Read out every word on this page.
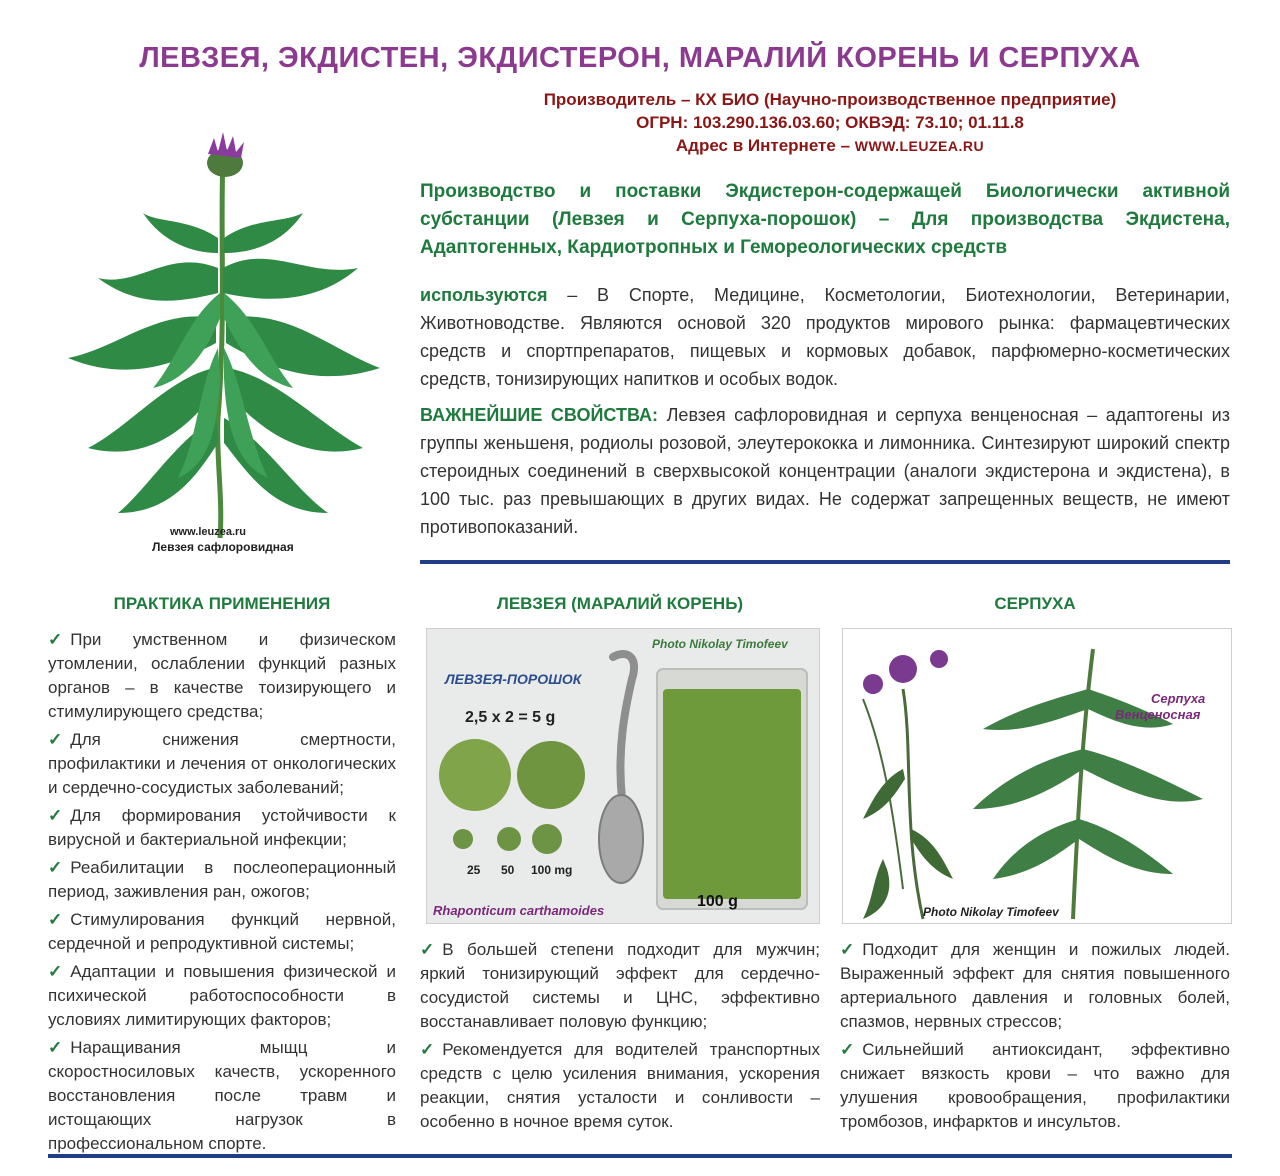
ЛЕВЗЕЯ, ЭКДИСТЕН, ЭКДИСТЕРОН, МАРАЛИЙ КОРЕНЬ И СЕРПУХА
Производитель – КХ БИО (Научно-производственное предприятие)
ОГРН: 103.290.136.03.60; ОКВЭД: 73.10; 01.11.8
Адрес в Интернете – WWW.LEUZEA.RU
www.leuzea.ru
Левзея сафлоровидная
Производство и поставки Экдистерон-содержащей Биологически активной субстанции (Левзея и Серпуха-порошок) – Для производства Экдистена, Адаптогенных, Кардиотропных и Гемореологических средств
используются – В Спорте, Медицине, Косметологии, Биотехнологии, Ветеринарии, Животноводстве. Являются основой 320 продуктов мирового рынка: фармацевтических средств и спортпрепаратов, пищевых и кормовых добавок, парфюмерно-косметических средств, тонизирующих напитков и особых водок.
ВАЖНЕЙШИЕ СВОЙСТВА: Левзея сафлоровидная и серпуха венценосная – адаптогены из группы женьшеня, родиолы розовой, элеутерококка и лимонника. Синтезируют широкий спектр стероидных соединений в сверхвысокой концентрации (аналоги экдистерона и экдистена), в 100 тыс. раз превышающих в других видах. Не содержат запрещенных веществ, не имеют противопоказаний.
ПРАКТИКА ПРИМЕНЕНИЯ
✓ При умственном и физическом утомлении, ослаблении функций разных органов – в качестве тоизирующего и стимулирующего средства;
✓ Для снижения смертности, профилактики и лечения от онкологических и сердечно-сосудистых заболеваний;
✓ Для формирования устойчивости к вирусной и бактериальной инфекции;
✓ Реабилитации в послеоперационный период, заживления ран, ожогов;
✓ Стимулирования функций нервной, сердечной и репродуктивной системы;
✓ Адаптации и повышения физической и психической работоспособности в условиях лимитирующих факторов;
✓ Наращивания мыщц и скоростносиловых качеств, ускоренного восстановления после травм и истощающих нагрузок в профессиональном спорте.
ЛЕВЗЕЯ (МАРАЛИЙ КОРЕНЬ)
Photo Nikolay Timofeev
ЛЕВЗЕЯ-ПОРОШОК
2,5 х 2 = 5 g
25 50 100 mg
Rhaponticum carthamoides
100 g
✓ В большей степени подходит для мужчин; яркий тонизирующий эффект для сердечно-сосудистой системы и ЦНС, эффективно восстанавливает половую функцию;
✓ Рекомендуется для водителей транспортных средств с целю усиления внимания, ускорения реакции, снятия усталости и сонливости – особенно в ночное время суток.
СЕРПУХА
Серпуха
Венценосная
Photo Nikolay Timofeev
✓ Подходит для женщин и пожилых людей. Выраженный эффект для снятия повышенного артериального давления и головных болей, спазмов, нервных стрессов;
✓ Сильнейший антиоксидант, эффективно снижает вязкость крови – что важно для улушения кровообращения, профилактики тромбозов, инфарктов и инсультов.
